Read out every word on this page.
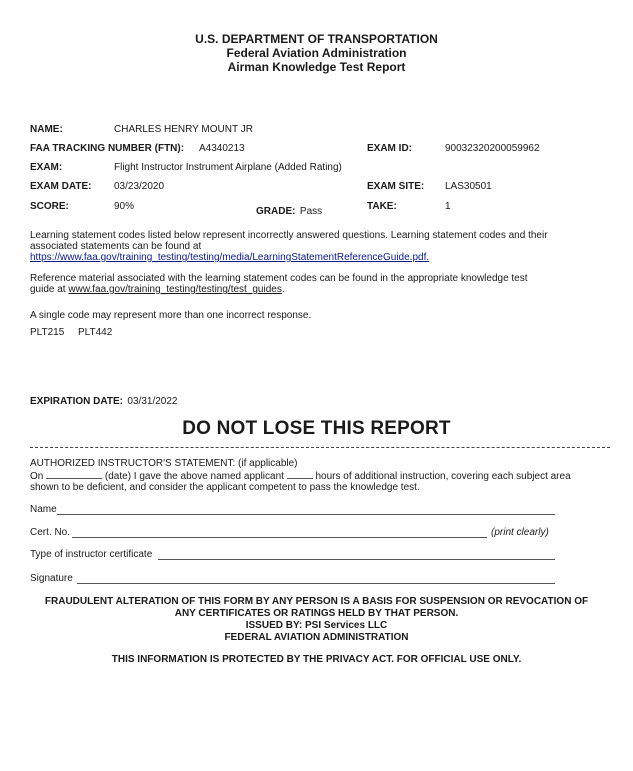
U.S. DEPARTMENT OF TRANSPORTATION
Federal Aviation Administration
Airman Knowledge Test Report
NAME:	CHARLES HENRY MOUNT JR
FAA TRACKING NUMBER (FTN): A4340213	EXAM ID:	90032320200059962
EXAM:	Flight Instructor Instrument Airplane (Added Rating)
EXAM DATE: 03/23/2020	EXAM SITE: LAS30501
SCORE:	90%	GRADE: Pass	TAKE:	1
Learning statement codes listed below represent incorrectly answered questions. Learning statement codes and their
associated statements can be found at
https://www.faa.gov/training_testing/testing/media/LearningStatementReferenceGuide.pdf.
Reference material associated with the learning statement codes can be found in the appropriate knowledge test
guide at www.faa.gov/training_testing/testing/test_guides.
A single code may represent more than one incorrect response.
PLT215 PLT442
EXPIRATION DATE: 03/31/2022
DO NOT LOSE THIS REPORT
AUTHORIZED INSTRUCTOR'S STATEMENT: (if applicable)
On	(date) I gave the above named applicant	hours of additional instruction, covering each subject area
shown to be deficient, and consider the applicant competent to pass the knowledge test.
Name
Cert. No.	(print clearly)
Type of instructor certificate
Signature
FRAUDULENT ALTERATION OF THIS FORM BY ANY PERSON IS A BASIS FOR SUSPENSION OR REVOCATION OF
ANY CERTIFICATES OR RATINGS HELD BY THAT PERSON.
ISSUED BY: PSI Services LLC
FEDERAL AVIATION ADMINISTRATION
THIS INFORMATION IS PROTECTED BY THE PRIVACY ACT. FOR OFFICIAL USE ONLY.
